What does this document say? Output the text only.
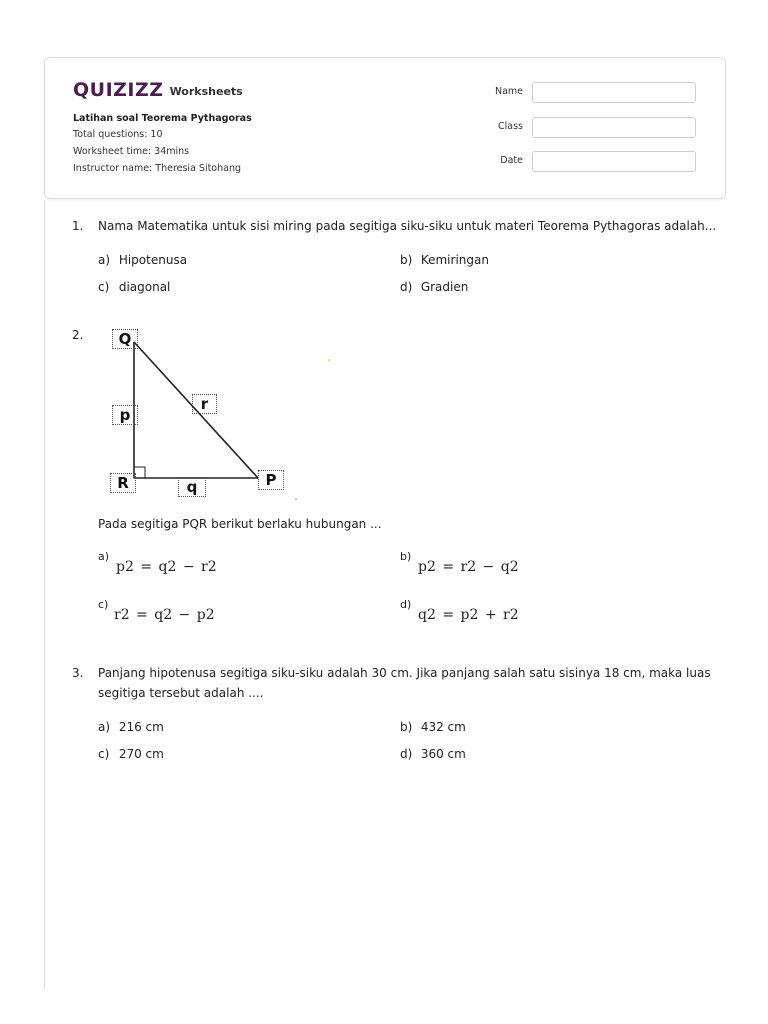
QUIZIZZ Worksheets
Latihan soal Teorema Pythagoras
Total questions: 10
Worksheet time: 34mins
Instructor name: Theresia Sitohang
Name
Class
Date
1. Nama Matematika untuk sisi miring pada segitiga siku-siku untuk materi Teorema Pythagoras adalah...
a) Hipotenusa	b) Kemiringan
c) diagonal	d) Gradien
2.	Q
p
r
R	q	P
Pada segitiga PQR berikut berlaku hubungan ...
a)
p2 = q2 − r2
b)
p2 = r2 − q2
c)
r2 = q2 − p2
d)
q2 = p2 + r2
3. Panjang hipotenusa segitiga siku-siku adalah 30 cm. Jika panjang salah satu sisinya 18 cm, maka luas
segitiga tersebut adalah ....
a) 216 cm	b) 432 cm
c) 270 cm	d) 360 cm
